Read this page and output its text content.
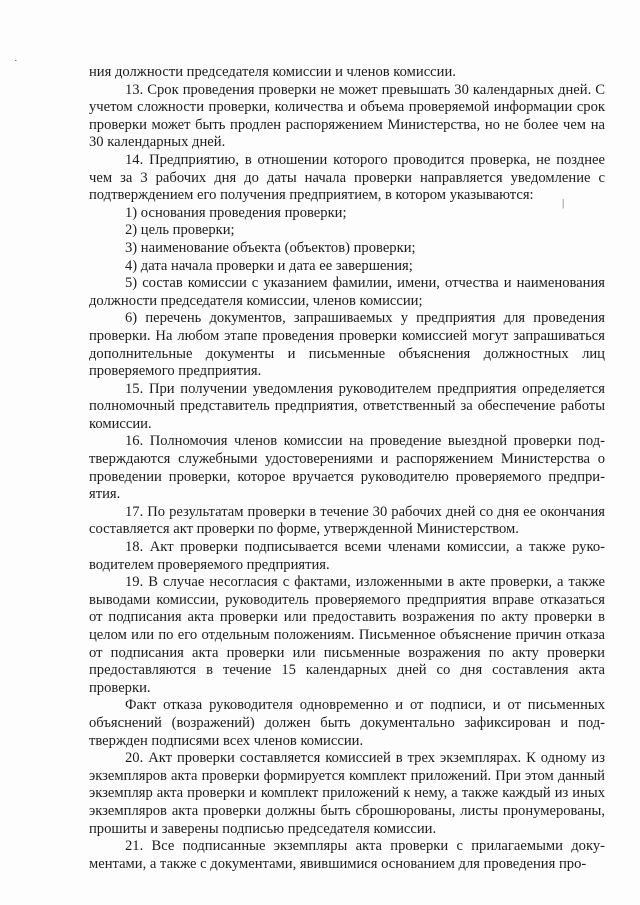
·
|

ния должности председателя комиссии и членов комиссии.

13. Срок проведения проверки не может превышать 30 календарных дней. С учетом сложности проверки, количества и объема проверяемой информации срок проверки может быть продлен распоряжением Министерства, но не более чем на 30 календарных дней.

14. Предприятию, в отношении которого проводится проверка, не позднее чем за 3 рабочих дня до даты начала проверки направляется уведомление с подтверждением его получения предприятием, в котором указываются:

1) основания проведения проверки;

2) цель проверки;

3) наименование объекта (объектов) проверки;

4) дата начала проверки и дата ее завершения;

5) состав комиссии с указанием фамилии, имени, отчества и наименования должности председателя комиссии, членов комиссии;

6) перечень документов, запрашиваемых у предприятия для проведения проверки. На любом этапе проведения проверки комиссией могут запрашиваться дополнительные документы и письменные объяснения должностных лиц проверяемого предприятия.

15. При получении уведомления руководителем предприятия определяется полномочный представитель предприятия, ответственный за обеспечение работы комиссии.

16. Полномочия членов комиссии на проведение выездной проверки подтверждаются служебными удостоверениями и распоряжением Министерства о проведении проверки, которое вручается руководителю проверяемого предприятия.

17. По результатам проверки в течение 30 рабочих дней со дня ее окончания составляется акт проверки по форме, утвержденной Министерством.

18. Акт проверки подписывается всеми членами комиссии, а также руководителем проверяемого предприятия.

19. В случае несогласия с фактами, изложенными в акте проверки, а также выводами комиссии, руководитель проверяемого предприятия вправе отказаться от подписания акта проверки или предоставить возражения по акту проверки в целом или по его отдельным положениям. Письменное объяснение причин отказа от подписания акта проверки или письменные возражения по акту проверки предоставляются в течение 15 календарных дней со дня составления акта проверки.

Факт отказа руководителя одновременно и от подписи, и от письменных объяснений (возражений) должен быть документально зафиксирован и подтвержден подписями всех членов комиссии.

20. Акт проверки составляется комиссией в трех экземплярах. К одному из экземпляров акта проверки формируется комплект приложений. При этом данный экземпляр акта проверки и комплект приложений к нему, а также каждый из иных экземпляров акта проверки должны быть сброшюрованы, листы пронумерованы, прошиты и заверены подписью председателя комиссии.

21. Все подписанные экземпляры акта проверки с прилагаемыми документами, а также с документами, явившимися основанием для проведения про-
